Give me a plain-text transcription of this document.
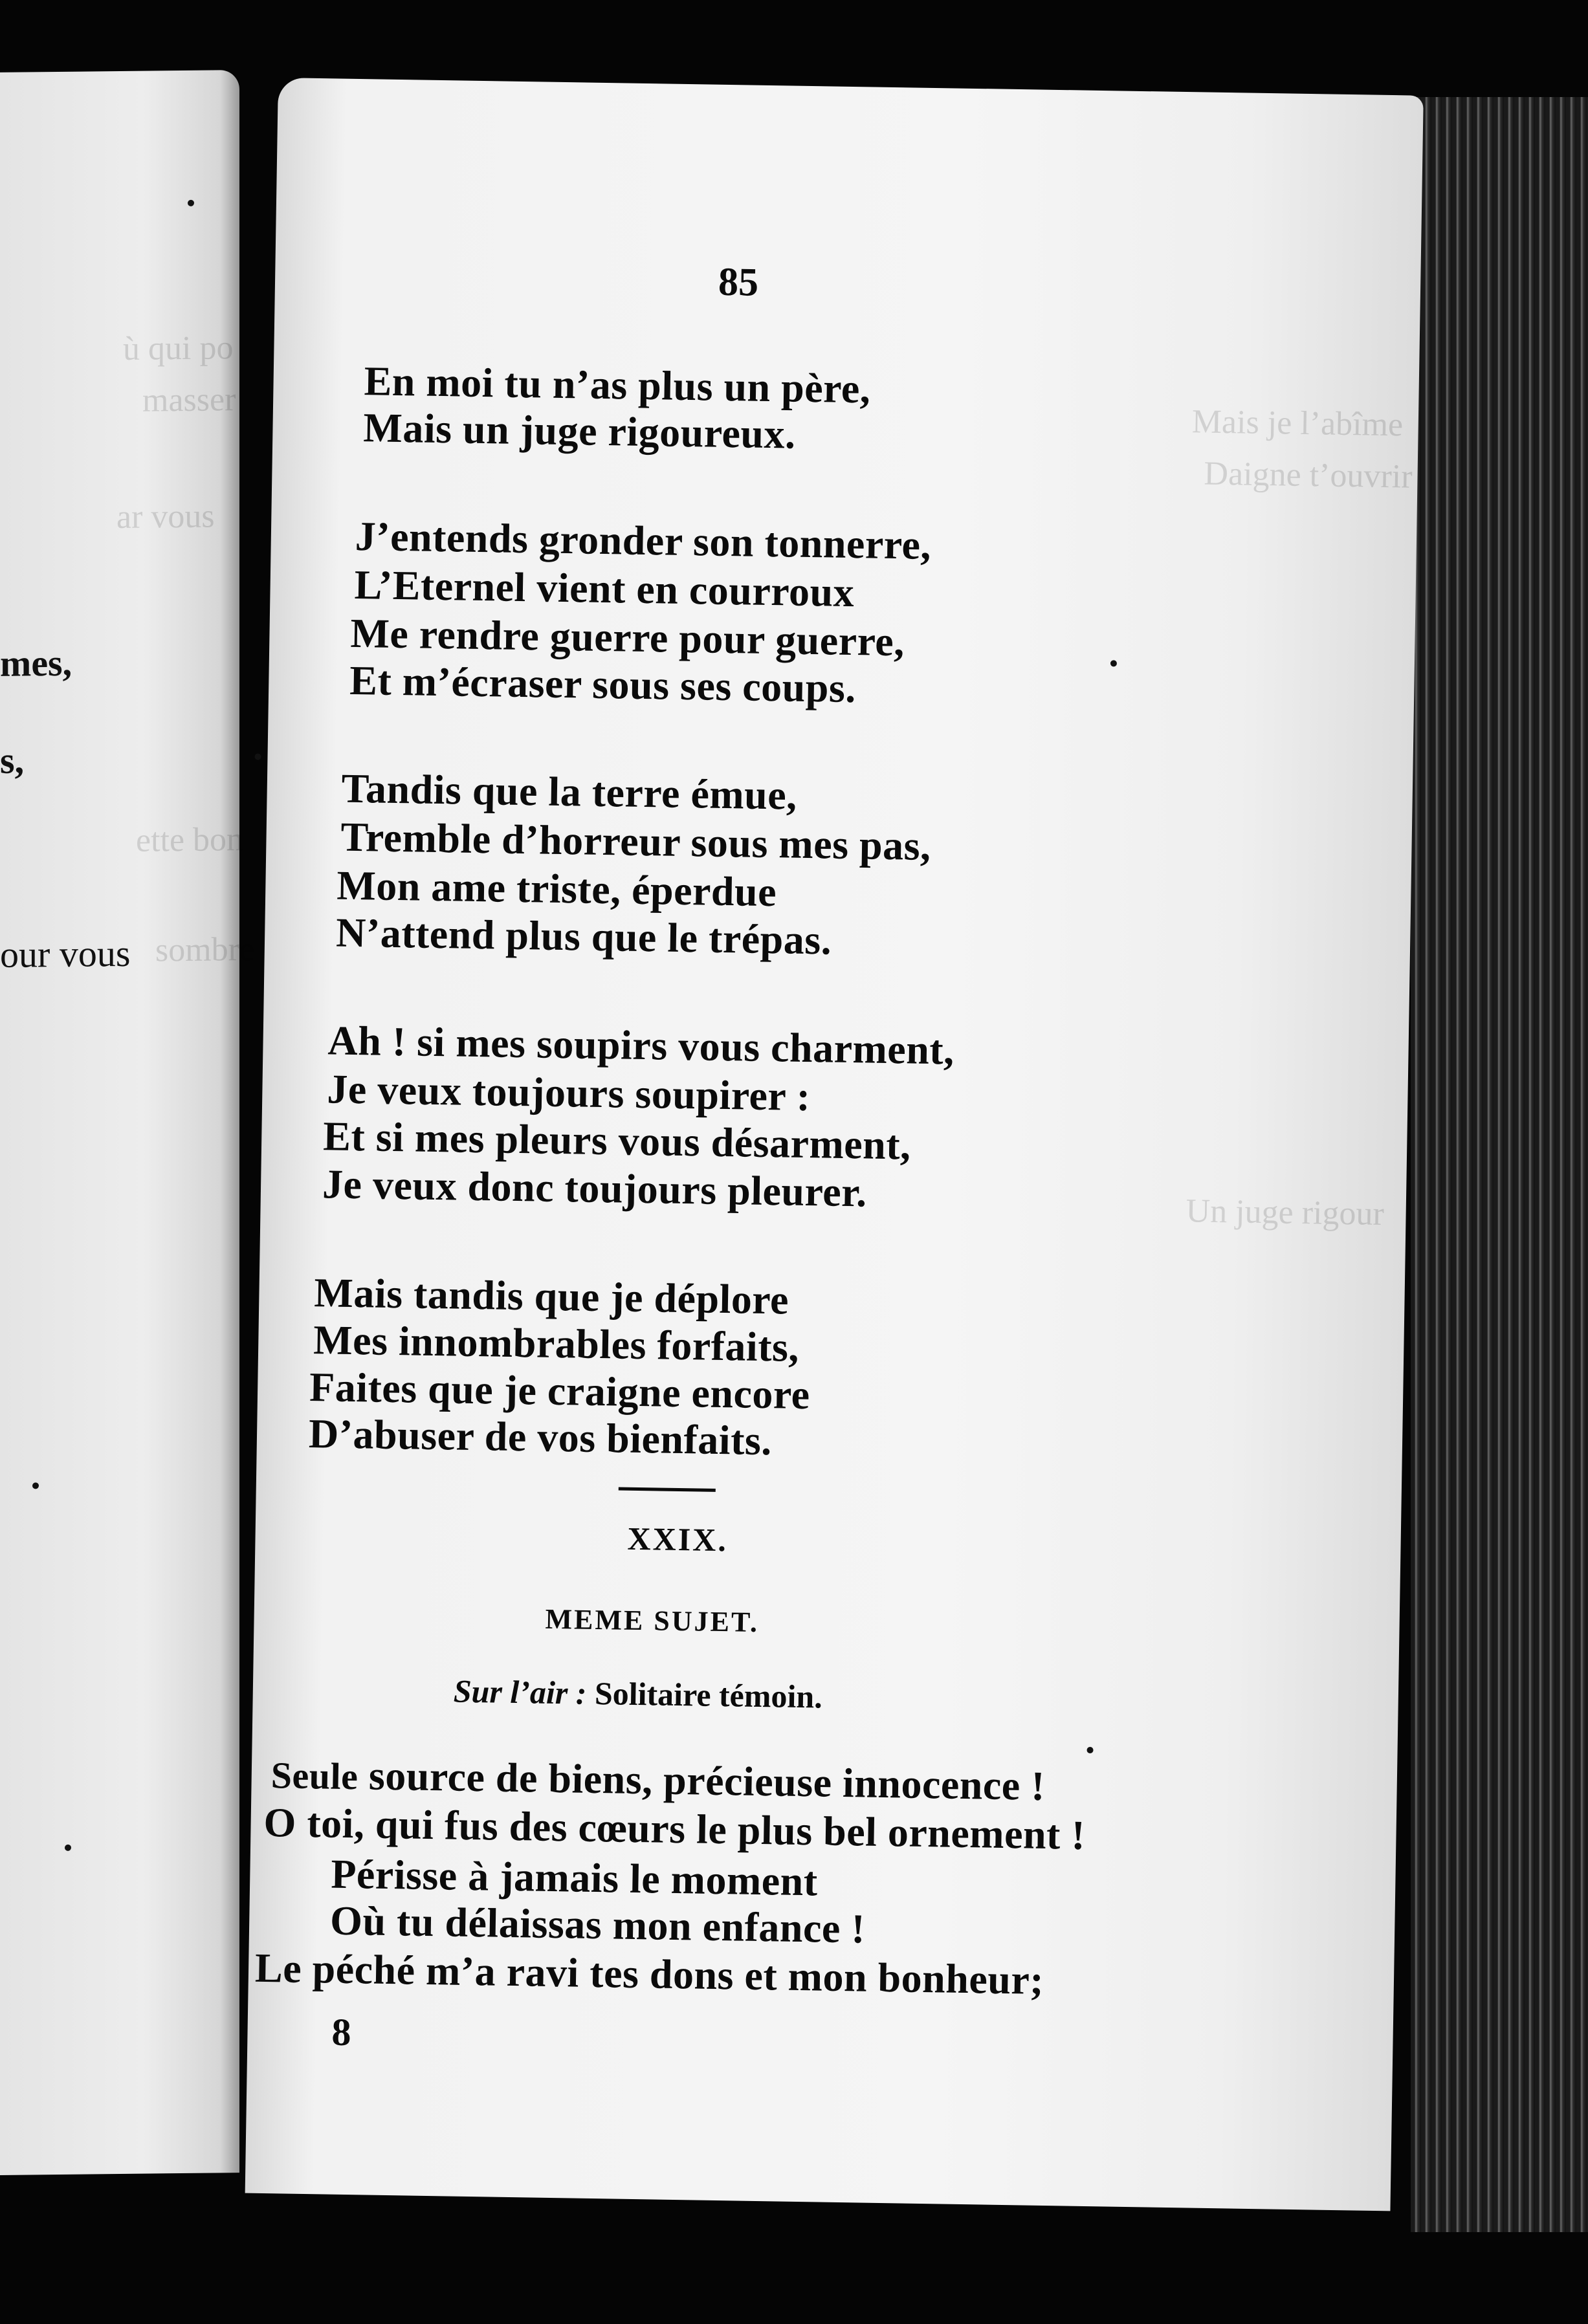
ù qui po
masser
ar vous
ette bon
sombre
mes,
s,
our vous
Mais je l’abîme
Daigne t’ouvrir
Un juge rigour
85
En moi tu n’as plus un père,
Mais un juge rigoureux.
J’entends gronder son tonnerre,
L’Eternel vient en courroux
Me rendre guerre pour guerre,
Et m’écraser sous ses coups.
Tandis que la terre émue,
Tremble d’horreur sous mes pas,
Mon ame triste, éperdue
N’attend plus que le trépas.
Ah ! si mes soupirs vous charment,
Je veux toujours soupirer :
Et si mes pleurs vous désarment,
Je veux donc toujours pleurer.
Mais tandis que je déplore
Mes innombrables forfaits,
Faites que je craigne encore
D’abuser de vos bienfaits.
XXIX.
MEME SUJET.
Sur l’air : Solitaire témoin.
Seule source de biens, précieuse innocence !
O toi, qui fus des cœurs le plus bel ornement !
Périsse à jamais le moment
Où tu délaissas mon enfance !
Le péché m’a ravi tes dons et mon bonheur;
8
